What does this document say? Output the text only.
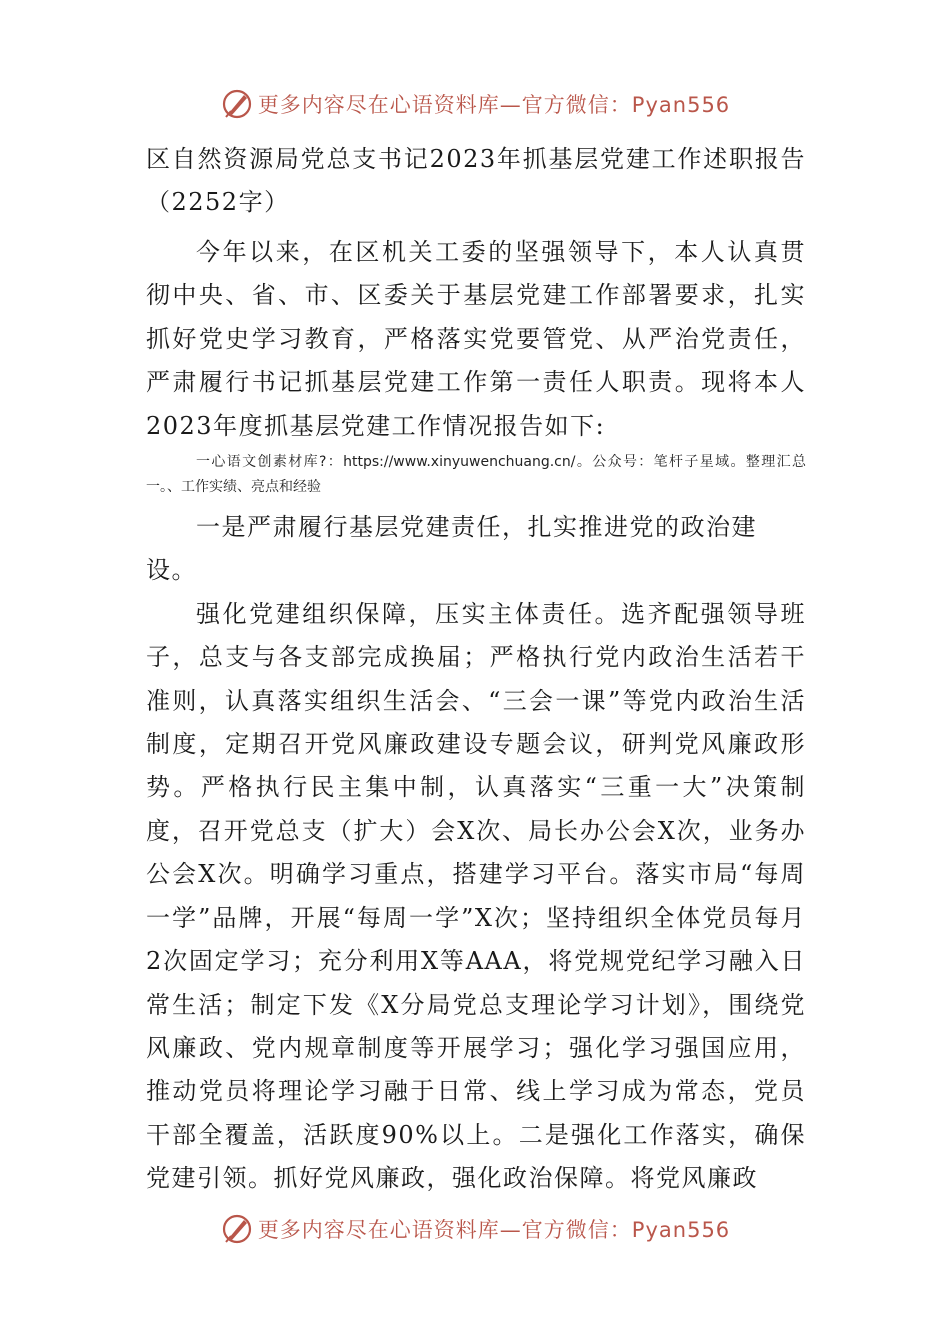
更多内容尽在心语资料库—官方微信：Pyan556

区自然资源局党总支书记2023年抓基层党建工作述职报告（2252字）

今年以来，在区机关工委的坚强领导下，本人认真贯彻中央、省、市、区委关于基层党建工作部署要求，扎实抓好党史学习教育，严格落实党要管党、从严治党责任，严肃履行书记抓基层党建工作第一责任人职责。现将本人2023年度抓基层党建工作情况报告如下:

一心语文创素材库?：https://www.xinyuwenchuang.cn/。公众号：笔杆子星域。整理汇总一。、工作实绩、亮点和经验

一是严肃履行基层党建责任，扎实推进党的政治建设。

强化党建组织保障，压实主体责任。选齐配强领导班子，总支与各支部完成换届；严格执行党内政治生活若干准则，认真落实组织生活会、“三会一课”等党内政治生活制度，定期召开党风廉政建设专题会议，研判党风廉政形势。严格执行民主集中制，认真落实“三重一大”决策制度，召开党总支（扩大）会X次、局长办公会X次，业务办公会X次。明确学习重点，搭建学习平台。落实市局“每周一学”品牌，开展“每周一学”X次；坚持组织全体党员每月2次固定学习；充分利用X等AAA，将党规党纪学习融入日常生活；制定下发《X分局党总支理论学习计划》，围绕党风廉政、党内规章制度等开展学习；强化学习强国应用，推动党员将理论学习融于日常、线上学习成为常态，党员干部全覆盖，活跃度90%以上。二是强化工作落实，确保党建引领。抓好党风廉政，强化政治保障。将党风廉政

更多内容尽在心语资料库—官方微信：Pyan556
